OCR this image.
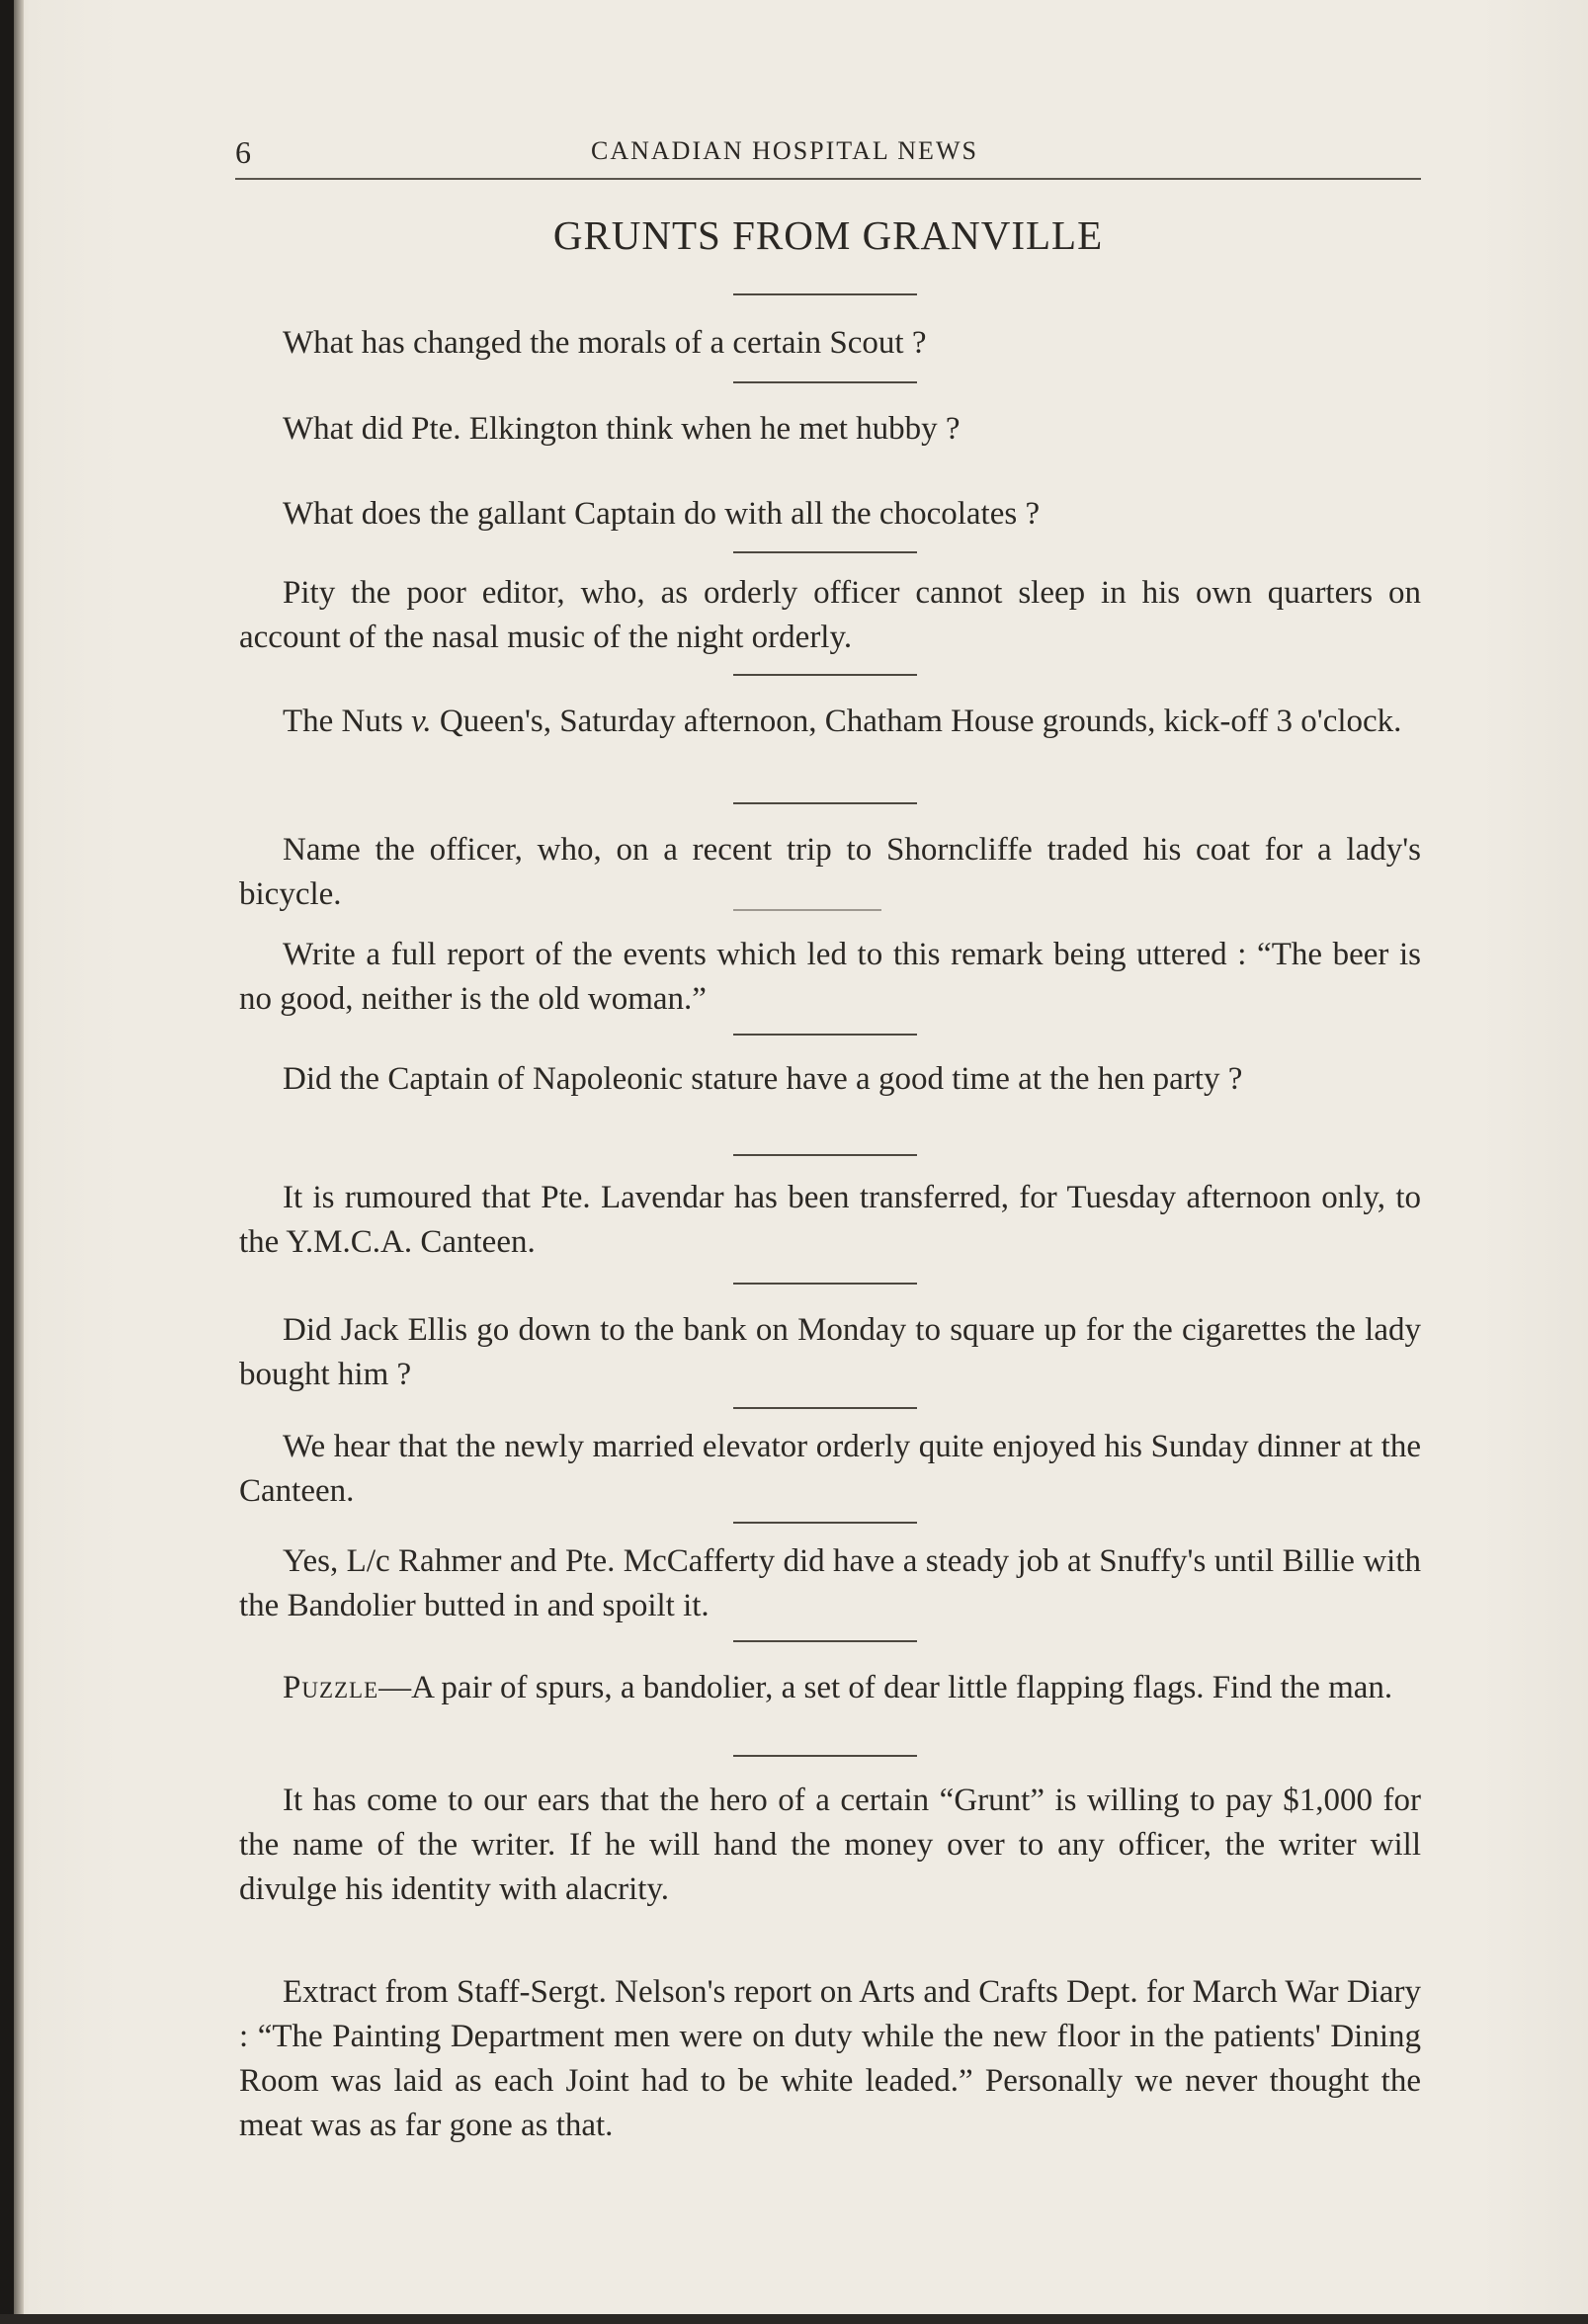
6	CANADIAN HOSPITAL NEWS
GRUNTS FROM GRANVILLE

What has changed the morals of a certain Scout ?

What did Pte. Elkington think when he met hubby ?

What does the gallant Captain do with all the chocolates ?

Pity the poor editor, who, as orderly officer cannot sleep in his own quarters on account of the nasal music of the night orderly.

The Nuts v. Queen's, Saturday afternoon, Chatham House grounds, kick-off 3 o'clock.

Name the officer, who, on a recent trip to Shorncliffe traded his coat for a lady's bicycle.

Write a full report of the events which led to this remark being uttered : “The beer is no good, neither is the old woman.”

Did the Captain of Napoleonic stature have a good time at the hen party ?

It is rumoured that Pte. Lavendar has been transferred, for Tuesday afternoon only, to the Y.M.C.A. Canteen.

Did Jack Ellis go down to the bank on Monday to square up for the cigarettes the lady bought him ?

We hear that the newly married elevator orderly quite enjoyed his Sunday dinner at the Canteen.

Yes, L/c Rahmer and Pte. McCafferty did have a steady job at Snuffy's until Billie with the Bandolier butted in and spoilt it.

Puzzle—A pair of spurs, a bandolier, a set of dear little flapping flags. Find the man.

It has come to our ears that the hero of a certain “Grunt” is willing to pay $1,000 for the name of the writer. If he will hand the money over to any officer, the writer will divulge his identity with alacrity.

Extract from Staff-Sergt. Nelson's report on Arts and Crafts Dept. for March War Diary : “The Painting Department men were on duty while the new floor in the patients' Dining Room was laid as each Joint had to be white leaded.” Personally we never thought the meat was as far gone as that.
